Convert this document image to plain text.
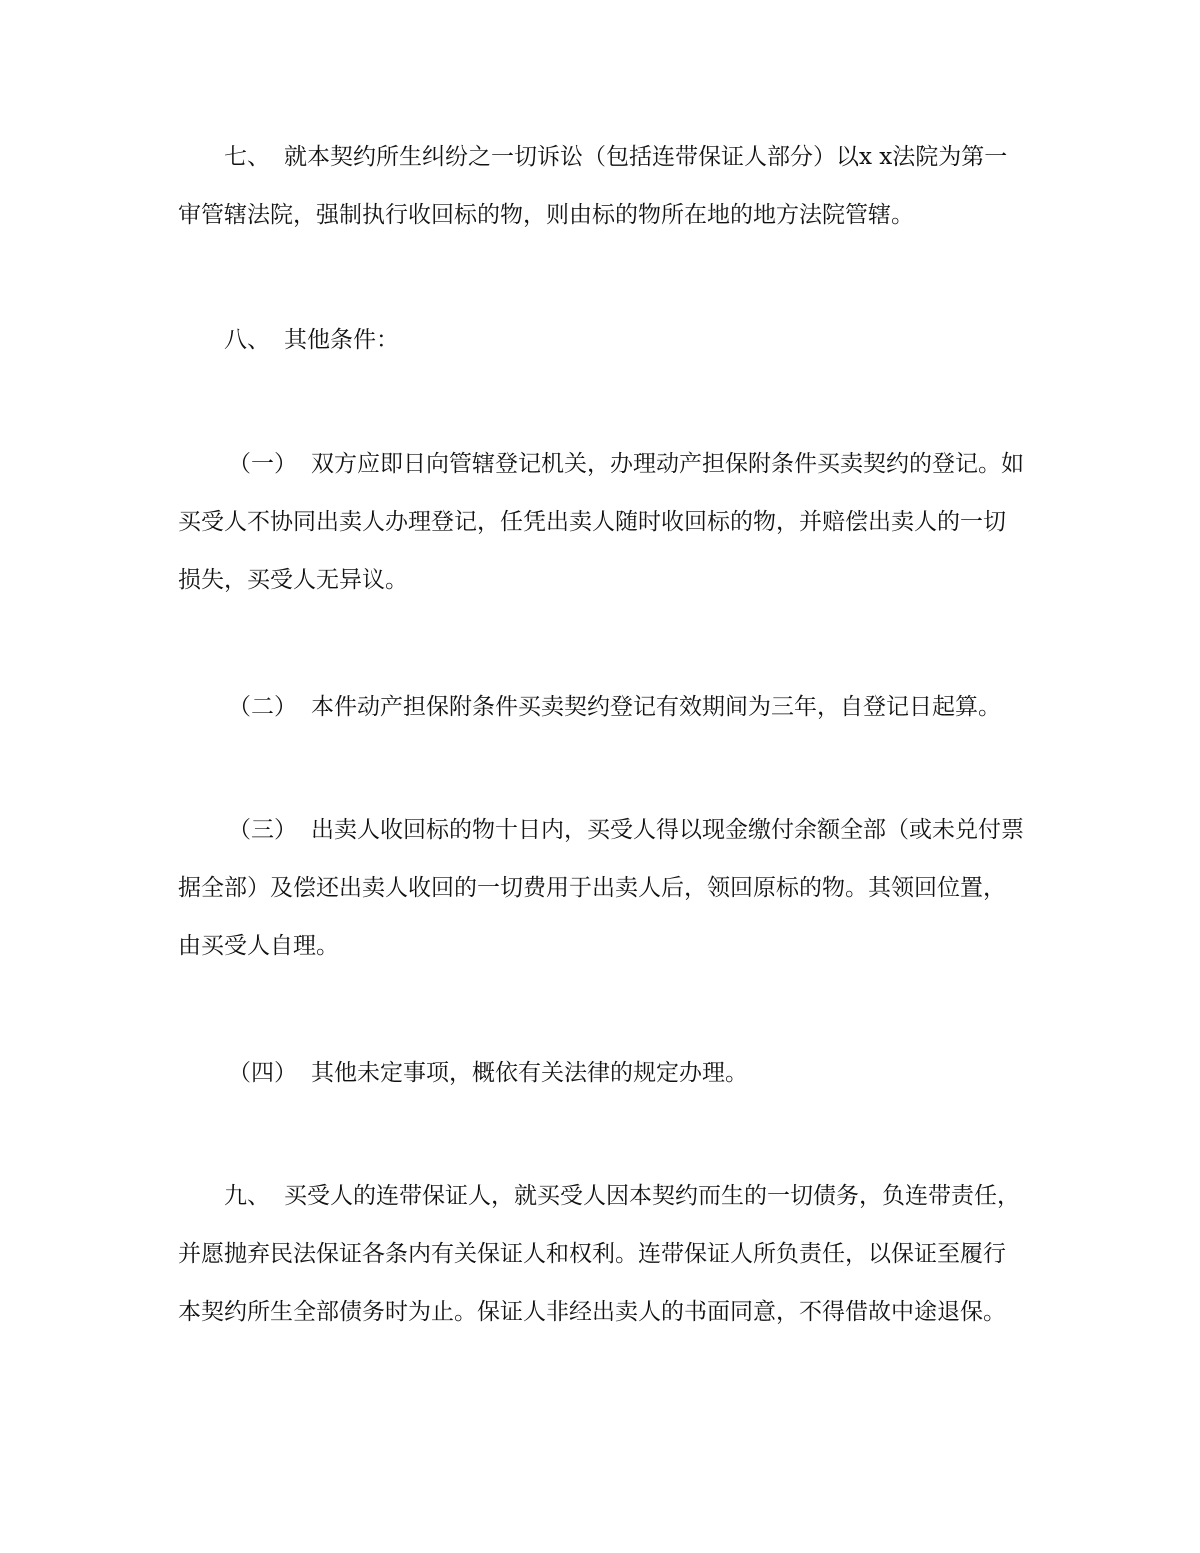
七、 就本契约所生纠纷之一切诉讼（包括连带保证人部分）以x x法院为第一
审管辖法院，强制执行收回标的物，则由标的物所在地的地方法院管辖。
八、 其他条件：
（一） 双方应即日向管辖登记机关，办理动产担保附条件买卖契约的登记。如
买受人不协同出卖人办理登记，任凭出卖人随时收回标的物，并赔偿出卖人的一切
损失，买受人无异议。
（二） 本件动产担保附条件买卖契约登记有效期间为三年，自登记日起算。
（三） 出卖人收回标的物十日内，买受人得以现金缴付余额全部（或未兑付票
据全部）及偿还出卖人收回的一切费用于出卖人后，领回原标的物。其领回位置，
由买受人自理。
（四） 其他未定事项，概依有关法律的规定办理。
九、 买受人的连带保证人，就买受人因本契约而生的一切债务，负连带责任，
并愿抛弃民法保证各条内有关保证人和权利。连带保证人所负责任，以保证至履行
本契约所生全部债务时为止。保证人非经出卖人的书面同意，不得借故中途退保。
